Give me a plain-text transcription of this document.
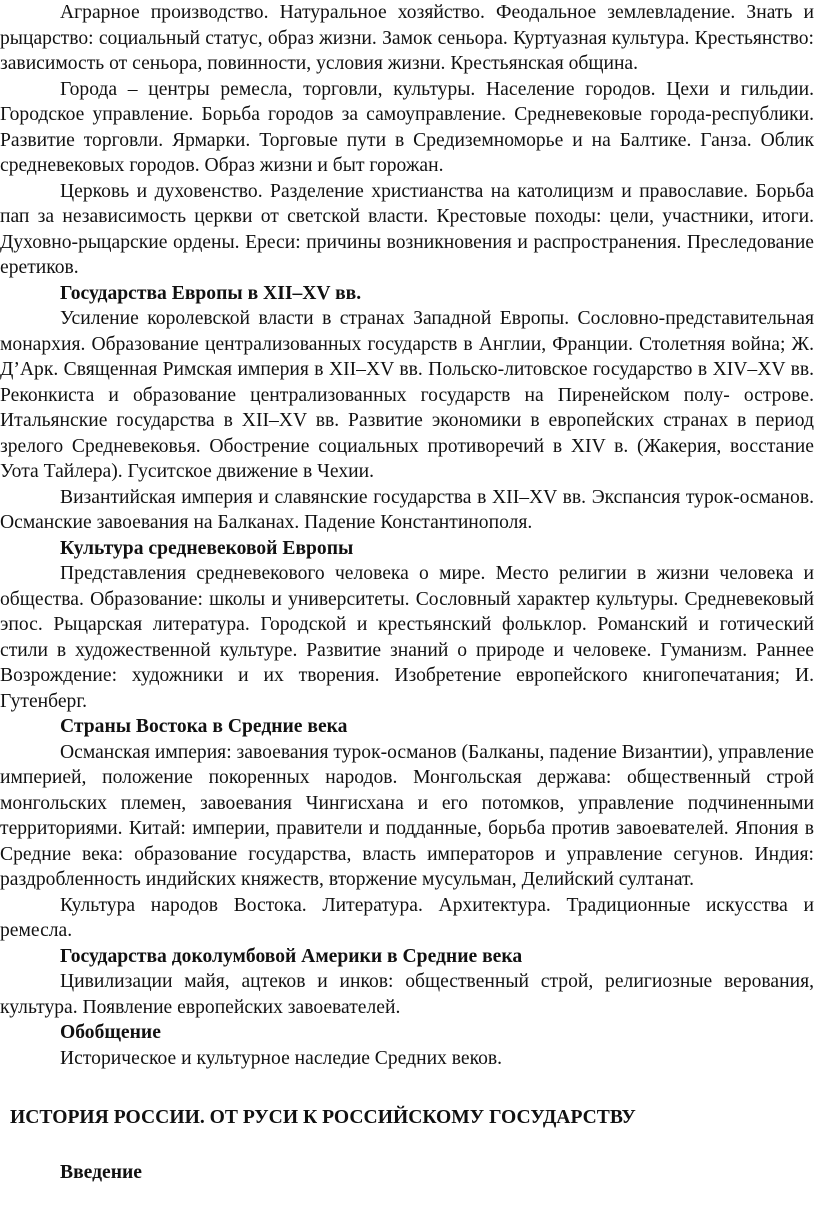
Аграрное производство. Натуральное хозяйство. Феодальное землевладение. Знать и рыцарство: социальный статус, образ жизни. Замок сеньора. Куртуазная культура. Крестьянство: зависимость от сеньора, повинности, условия жизни. Крестьянская община.

Города – центры ремесла, торговли, культуры. Население городов. Цехи и гильдии. Городское управление. Борьба городов за самоуправление. Средневековые города-республики. Развитие торговли. Ярмарки. Торговые пути в Средиземноморье и на Балтике. Ганза. Облик средневековых городов. Образ жизни и быт горожан.

Церковь и духовенство. Разделение христианства на католицизм и православие. Борьба пап за независимость церкви от светской власти. Крестовые походы: цели, участники, итоги. Духовно-рыцарские ордены. Ереси: причины возникновения и распространения. Преследование еретиков.

Государства Европы в XII–XV вв.

Усиление королевской власти в странах Западной Европы. Сословно-представительная монархия. Образование централизованных государств в Англии, Франции. Столетняя война; Ж. Д’Арк. Священная Римская империя в XII–XV вв. Польско-литовское государство в XIV–XV вв. Реконкиста и образование централизованных государств на Пиренейском полу- острове. Итальянские государства в XII–XV вв. Развитие экономики в европейских странах в период зрелого Средневековья. Обострение социальных противоречий в XIV в. (Жакерия, восстание Уота Тайлера). Гуситское движение в Чехии.

Византийская империя и славянские государства в XII–XV вв. Экспансия турок-османов. Османские завоевания на Балканах. Падение Константинополя.

Культура средневековой Европы

Представления средневекового человека о мире. Место религии в жизни человека и общества. Образование: школы и университеты. Сословный характер культуры. Средневековый эпос. Рыцарская литература. Городской и крестьянский фольклор. Романский и готический стили в художественной культуре. Развитие знаний о природе и человеке. Гуманизм. Раннее Возрождение: художники и их творения. Изобретение европейского книгопечатания; И. Гутенберг.

Страны Востока в Средние века

Османская империя: завоевания турок-османов (Балканы, падение Византии), управление империей, положение покоренных народов. Монгольская держава: общественный строй монгольских племен, завоевания Чингисхана и его потомков, управление подчиненными территориями. Китай: империи, правители и подданные, борьба против завоевателей. Япония в Средние века: образование государства, власть императоров и управление сегунов. Индия: раздробленность индийских княжеств, вторжение мусульман, Делийский султанат.

Культура народов Востока. Литература. Архитектура. Традиционные искусства и ремесла.

Государства доколумбовой Америки в Средние века

Цивилизации майя, ацтеков и инков: общественный строй, религиозные верования, культура. Появление европейских завоевателей.

Обобщение

Историческое и культурное наследие Средних веков.

ИСТОРИЯ РОССИИ. ОТ РУСИ К РОССИЙСКОМУ ГОСУДАРСТВУ

Введение
